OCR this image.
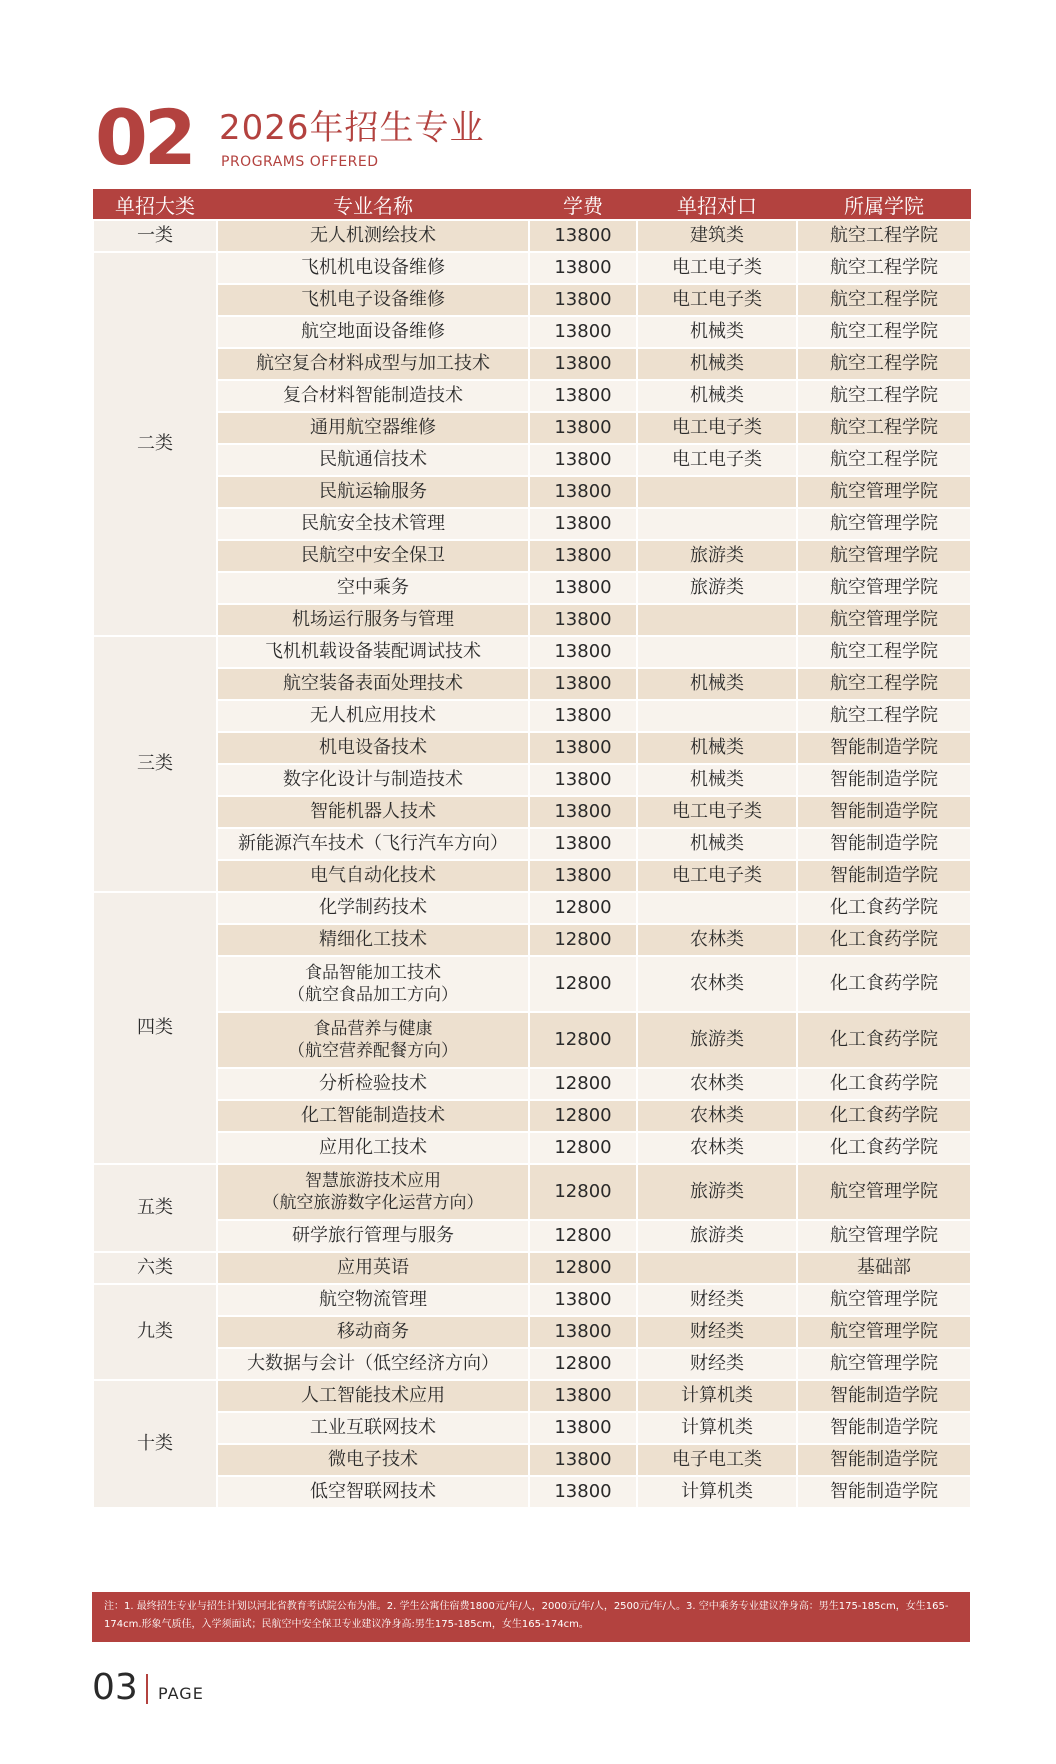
02 2026年招生专业
PROGRAMS OFFERED
单招大类	专业名称	学费	单招对口	所属学院
一类	无人机测绘技术	13800	建筑类	航空工程学院
二类	飞机机电设备维修	13800	电工电子类	航空工程学院
	飞机电子设备维修	13800	电工电子类	航空工程学院
	航空地面设备维修	13800	机械类	航空工程学院
	航空复合材料成型与加工技术	13800	机械类	航空工程学院
	复合材料智能制造技术	13800	机械类	航空工程学院
	通用航空器维修	13800	电工电子类	航空工程学院
	民航通信技术	13800	电工电子类	航空工程学院
	民航运输服务	13800		航空管理学院
	民航安全技术管理	13800		航空管理学院
	民航空中安全保卫	13800	旅游类	航空管理学院
	空中乘务	13800	旅游类	航空管理学院
	机场运行服务与管理	13800		航空管理学院
三类	飞机机载设备装配调试技术	13800		航空工程学院
	航空装备表面处理技术	13800	机械类	航空工程学院
	无人机应用技术	13800		航空工程学院
	机电设备技术	13800	机械类	智能制造学院
	数字化设计与制造技术	13800	机械类	智能制造学院
	智能机器人技术	13800	电工电子类	智能制造学院
	新能源汽车技术（飞行汽车方向）	13800	机械类	智能制造学院
	电气自动化技术	13800	电工电子类	智能制造学院
四类	化学制药技术	12800		化工食药学院
	精细化工技术	12800	农林类	化工食药学院

	食品智能加工技术
（航空食品加工方向）	12800	农林类	化工食药学院

	食品营养与健康
（航空营养配餐方向）	12800	旅游类	化工食药学院
	分析检验技术	12800	农林类	化工食药学院
	化工智能制造技术	12800	农林类	化工食药学院
	应用化工技术	12800	农林类	化工食药学院
五类	智慧旅游技术应用
（航空旅游数字化运营方向）	12800	旅游类	航空管理学院
	研学旅行管理与服务	12800	旅游类	航空管理学院
六类	应用英语	12800		基础部
九类	航空物流管理	13800	财经类	航空管理学院
	移动商务	13800	财经类	航空管理学院
	大数据与会计（低空经济方向）	12800	财经类	航空管理学院
十类	人工智能技术应用	13800	计算机类	智能制造学院
	工业互联网技术	13800	计算机类	智能制造学院
	微电子技术	13800	电子电工类	智能制造学院
	低空智联网技术	13800	计算机类	智能制造学院
注：1. 最终招生专业与招生计划以河北省教育考试院公布为准。2. 学生公寓住宿费1800元/年/人，2000元/年/人，2500元/年/人。3. 空中乘务专业建议净身高：男生175-185cm，女生165-174cm.形象气质佳，入学须面试；民航空中安全保卫专业建议净身高:男生175-185cm，女生165-174cm。
03 PAGE
